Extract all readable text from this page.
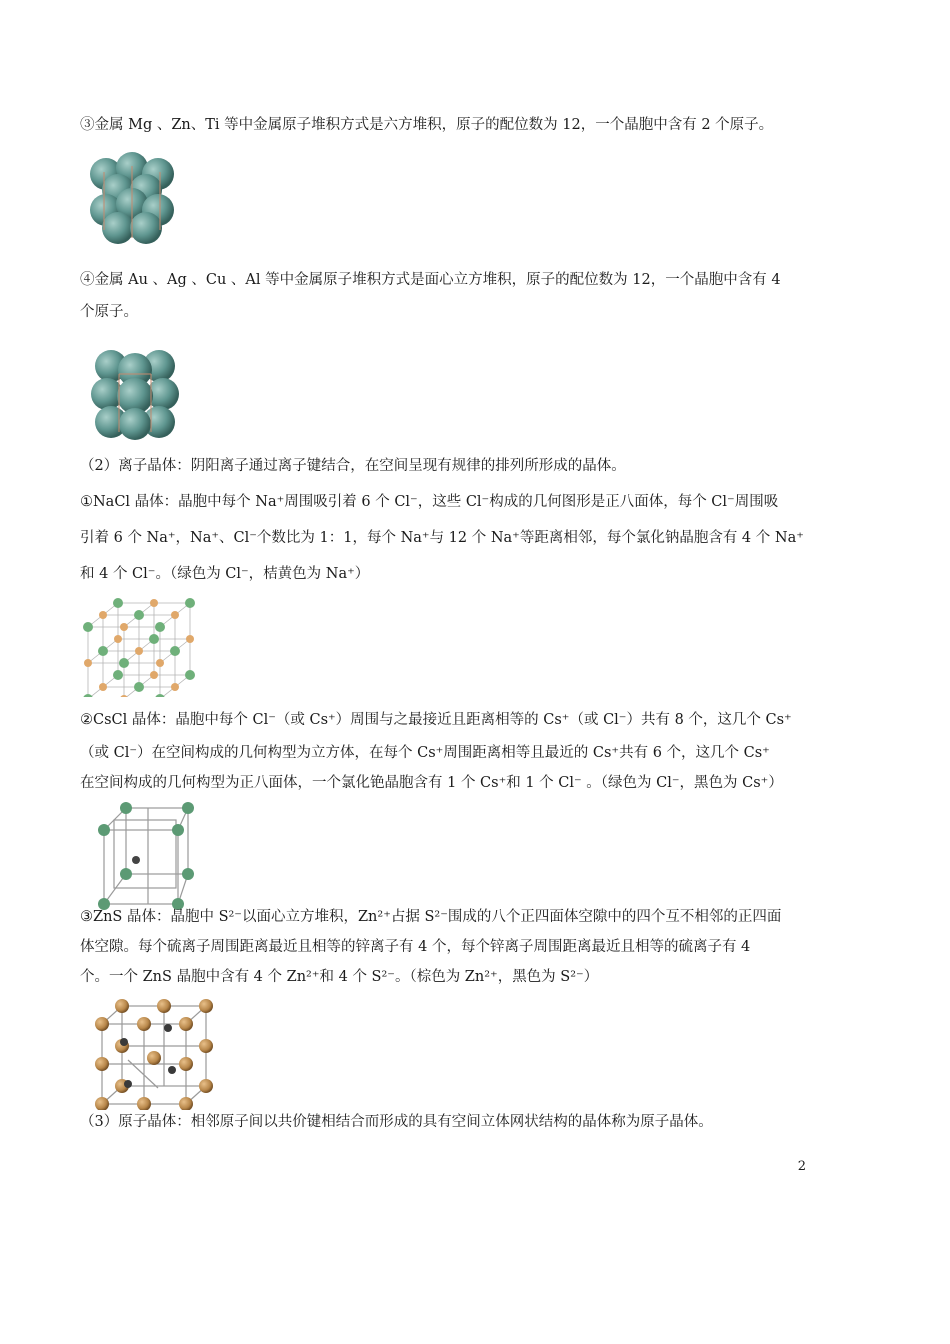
③金属 Mg 、Zn、Ti 等中金属原子堆积方式是六方堆积，原子的配位数为 12，一个晶胞中含有 2 个原子。
④金属 Au 、Ag 、Cu 、Al 等中金属原子堆积方式是面心立方堆积，原子的配位数为 12，一个晶胞中含有 4
个原子。
（2）离子晶体：阴阳离子通过离子键结合，在空间呈现有规律的排列所形成的晶体。
①NaCl 晶体：晶胞中每个 Na⁺周围吸引着 6 个 Cl⁻，这些 Cl⁻构成的几何图形是正八面体，每个 Cl⁻周围吸
引着 6 个 Na⁺，Na⁺、Cl⁻个数比为 1：1，每个 Na⁺与 12 个 Na⁺等距离相邻，每个氯化钠晶胞含有 4 个 Na⁺
和 4 个 Cl⁻。（绿色为 Cl⁻，桔黄色为 Na⁺）
②CsCl 晶体：晶胞中每个 Cl⁻（或 Cs⁺）周围与之最接近且距离相等的 Cs⁺（或 Cl⁻）共有 8 个，这几个 Cs⁺
（或 Cl⁻）在空间构成的几何构型为立方体，在每个 Cs⁺周围距离相等且最近的 Cs⁺共有 6 个，这几个 Cs⁺
在空间构成的几何构型为正八面体，一个氯化铯晶胞含有 1 个 Cs⁺和 1 个 Cl⁻ 。（绿色为 Cl⁻，黑色为 Cs⁺）
③ZnS 晶体：晶胞中 S²⁻以面心立方堆积，Zn²⁺占据 S²⁻围成的八个正四面体空隙中的四个互不相邻的正四面
体空隙。每个硫离子周围距离最近且相等的锌离子有 4 个，每个锌离子周围距离最近且相等的硫离子有 4
个。一个 ZnS 晶胞中含有 4 个 Zn²⁺和 4 个 S²⁻。（棕色为 Zn²⁺，黑色为 S²⁻）
（3）原子晶体：相邻原子间以共价键相结合而形成的具有空间立体网状结构的晶体称为原子晶体。
2
